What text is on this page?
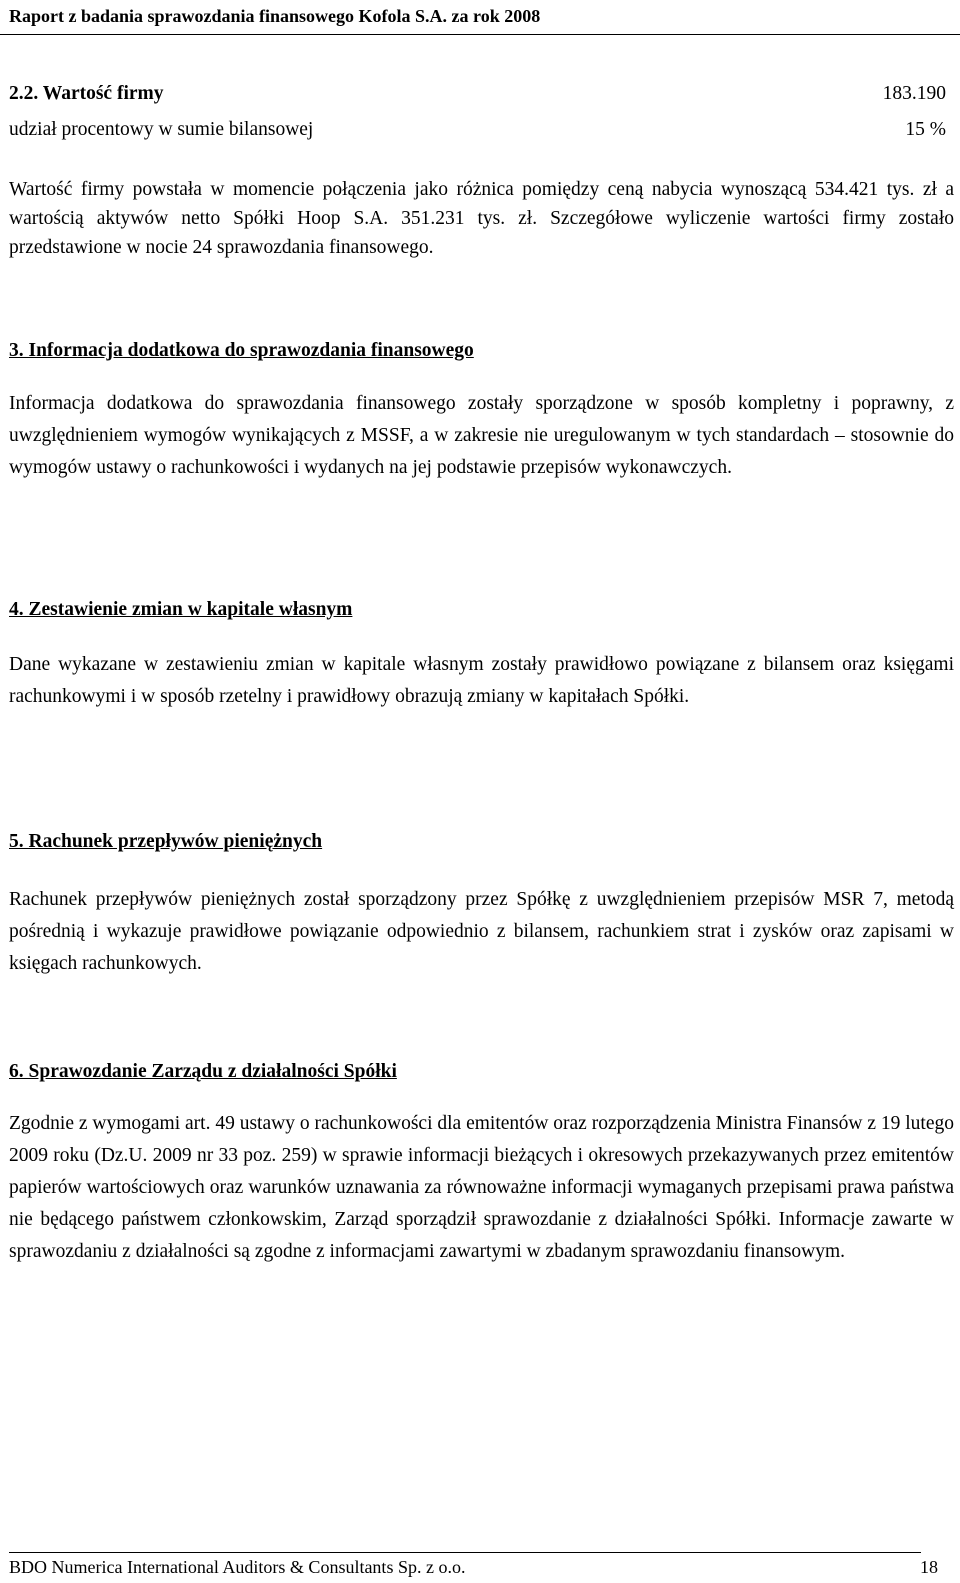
Raport z badania sprawozdania finansowego Kofola S.A. za rok 2008
2.2. Wartość firmy	183.190
udział procentowy w sumie bilansowej	15 %
Wartość firmy powstała w momencie połączenia jako różnica pomiędzy ceną nabycia wynoszącą 534.421 tys. zł a wartością aktywów netto Spółki Hoop S.A. 351.231 tys. zł. Szczegółowe wyliczenie wartości firmy zostało przedstawione w nocie 24 sprawozdania finansowego.
3. Informacja dodatkowa do sprawozdania finansowego
Informacja dodatkowa do sprawozdania finansowego zostały sporządzone w sposób kompletny i poprawny, z uwzględnieniem wymogów wynikających z MSSF, a w zakresie nie uregulowanym w tych standardach – stosownie do wymogów ustawy o rachunkowości i wydanych na jej podstawie przepisów wykonawczych.
4. Zestawienie zmian w kapitale własnym
Dane wykazane w zestawieniu zmian w kapitale własnym zostały prawidłowo powiązane z bilansem oraz księgami rachunkowymi i w sposób rzetelny i prawidłowy obrazują zmiany w kapitałach Spółki.
5. Rachunek przepływów pieniężnych
Rachunek przepływów pieniężnych został sporządzony przez Spółkę z uwzględnieniem przepisów MSR 7, metodą pośrednią i wykazuje prawidłowe powiązanie odpowiednio z bilansem, rachunkiem strat i zysków oraz zapisami w księgach rachunkowych.
6. Sprawozdanie Zarządu z działalności Spółki
Zgodnie z wymogami art. 49 ustawy o rachunkowości dla emitentów oraz rozporządzenia Ministra Finansów z 19 lutego 2009 roku (Dz.U. 2009 nr 33 poz. 259) w sprawie informacji bieżących i okresowych przekazywanych przez emitentów papierów wartościowych oraz warunków uznawania za równoważne informacji wymaganych przepisami prawa państwa nie będącego państwem członkowskim, Zarząd sporządził sprawozdanie z działalności Spółki. Informacje zawarte w sprawozdaniu z działalności są zgodne z informacjami zawartymi w zbadanym sprawozdaniu finansowym.
BDO Numerica International Auditors & Consultants Sp. z o.o.	18
